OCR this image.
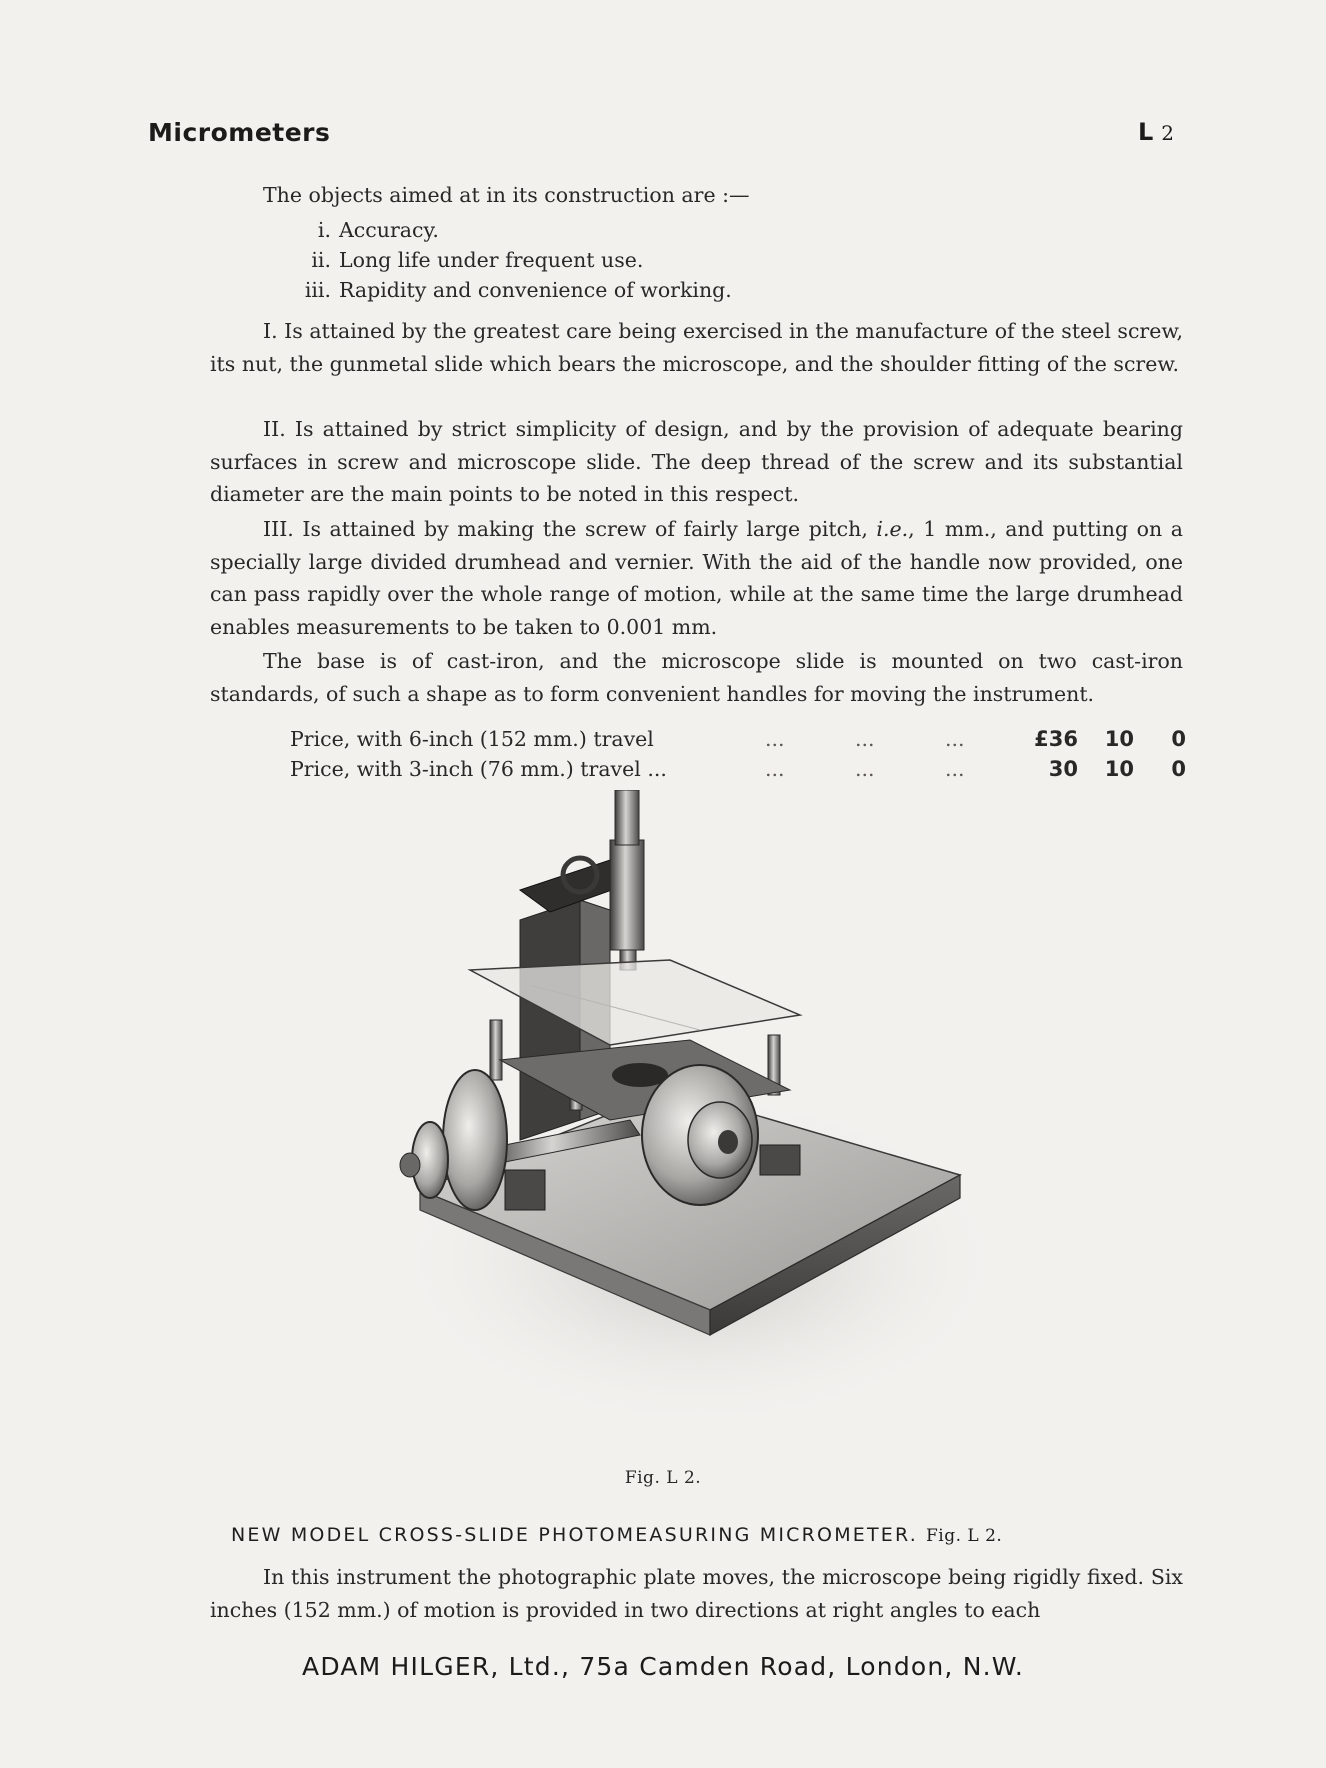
Micrometers	L 2
The objects aimed at in its construction are :—
i. Accuracy.
ii. Long life under frequent use.
iii. Rapidity and convenience of working.

I. Is attained by the greatest care being exercised in the manufacture of the steel screw, its nut, the gunmetal slide which bears the microscope, and the shoulder fitting of the screw.

II. Is attained by strict simplicity of design, and by the provision of adequate bearing surfaces in screw and microscope slide. The deep thread of the screw and its substantial diameter are the main points to be noted in this respect.

III. Is attained by making the screw of fairly large pitch, i.e., 1 mm., and putting on a specially large divided drumhead and vernier. With the aid of the handle now provided, one can pass rapidly over the whole range of motion, while at the same time the large drumhead enables measurements to be taken to 0.001 mm.

The base is of cast-iron, and the microscope slide is mounted on two cast-iron standards, of such a shape as to form convenient handles for moving the instrument.

Price, with 6-inch (152 mm.) travel	...	...	...	£36	10	0
Price, with 3-inch (76 mm.) travel ...	...	...	...	30	10	0
Fig. L 2.
NEW MODEL CROSS-SLIDE PHOTOMEASURING MICROMETER. Fig. L 2.

In this instrument the photographic plate moves, the microscope being rigidly fixed. Six inches (152 mm.) of motion is provided in two directions at right angles to each

ADAM HILGER, Ltd., 75a Camden Road, London, N.W.
